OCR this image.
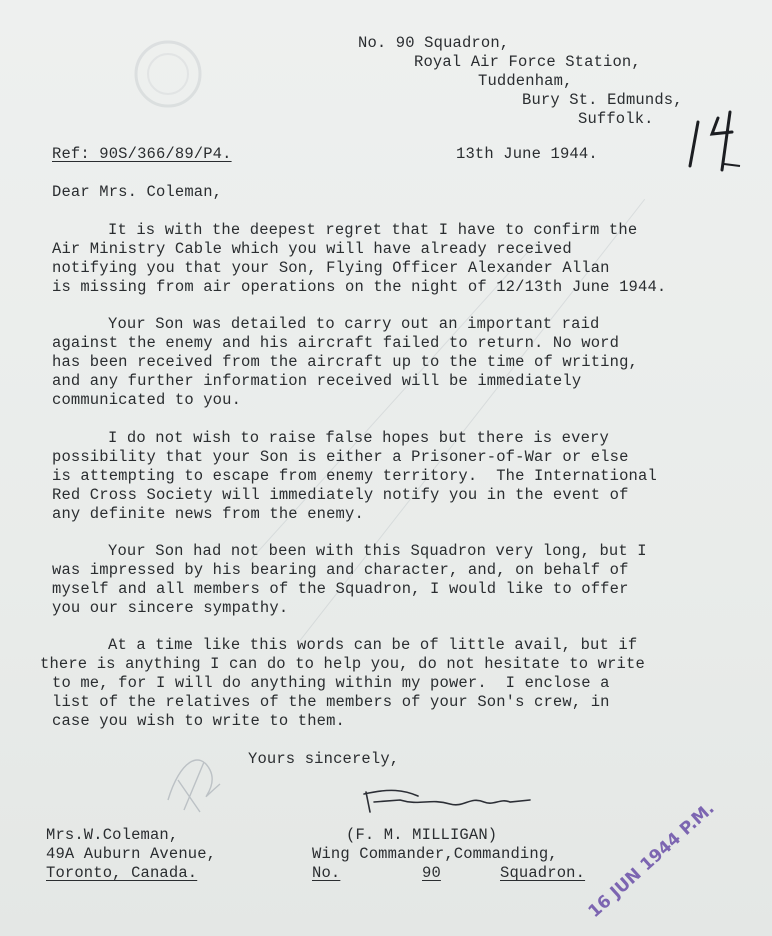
No. 90 Squadron,
Royal Air Force Station,
Tuddenham,
Bury St. Edmunds,
Suffolk.
Ref: 90S/366/89/P4.	13th June 1944.
Dear Mrs. Coleman,
It is with the deepest regret that I have to confirm the
Air Ministry Cable which you will have already received
notifying you that your Son, Flying Officer Alexander Allan
is missing from air operations on the night of 12/13th June 1944.
Your Son was detailed to carry out an important raid
against the enemy and his aircraft failed to return. No word
has been received from the aircraft up to the time of writing,
and any further information received will be immediately
communicated to you.
I do not wish to raise false hopes but there is every
possibility that your Son is either a Prisoner-of-War or else
is attempting to escape from enemy territory.  The International
Red Cross Society will immediately notify you in the event of
any definite news from the enemy.
Your Son had not been with this Squadron very long, but I
was impressed by his bearing and character, and, on behalf of
myself and all members of the Squadron, I would like to offer
you our sincere sympathy.
At a time like this words can be of little avail, but if
there is anything I can do to help you, do not hesitate to write
to me, for I will do anything within my power.  I enclose a
list of the relatives of the members of your Son's crew, in
case you wish to write to them.
Yours sincerely,
Mrs.W.Coleman,
49A Auburn Avenue,
Toronto, Canada.
(F. M. MILLIGAN)
Wing Commander,Commanding,
No.	90	Squadron. 16 JUN 1944 P.M.
